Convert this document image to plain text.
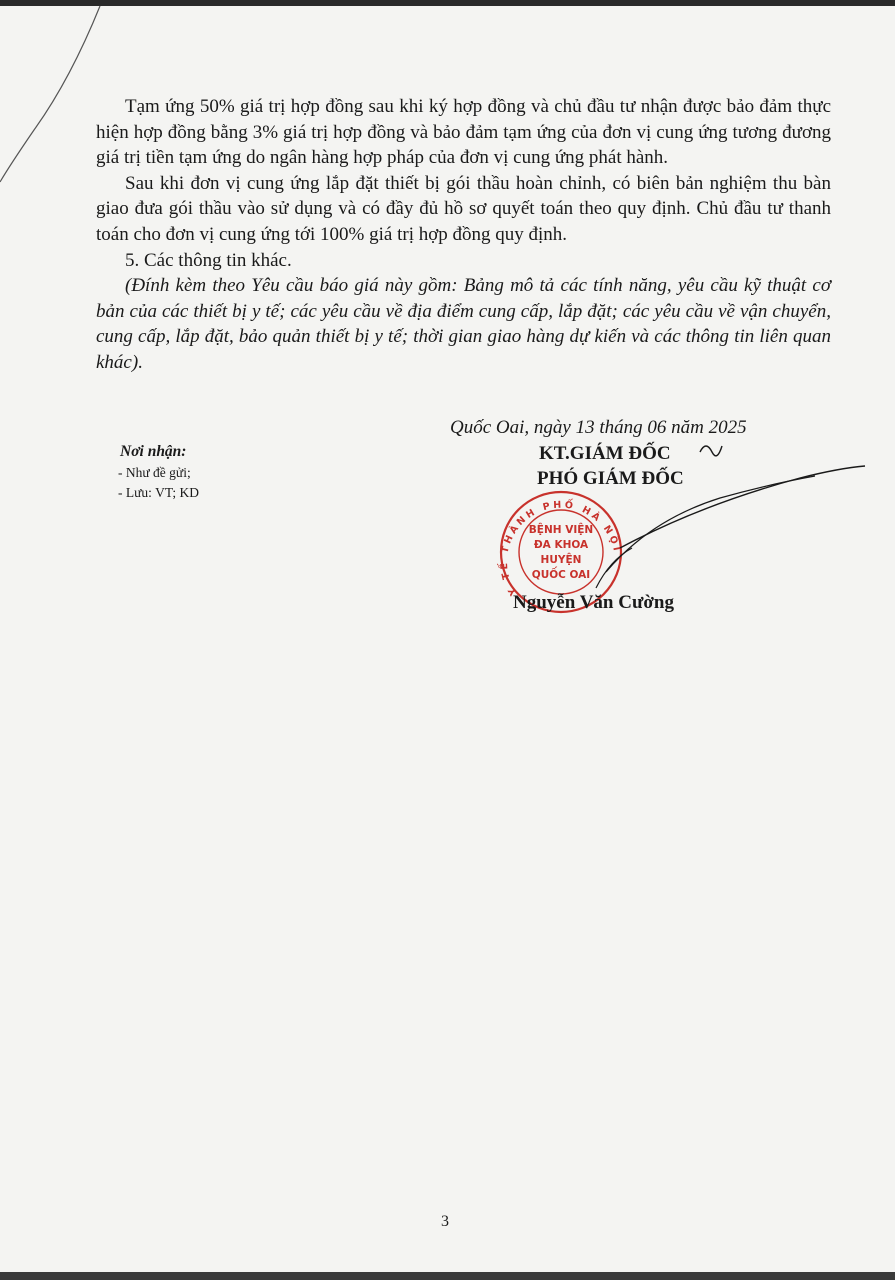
Tạm ứng 50% giá trị hợp đồng sau khi ký hợp đồng và chủ đầu tư nhận được bảo đảm thực hiện hợp đồng bằng 3% giá trị hợp đồng và bảo đảm tạm ứng của đơn vị cung ứng tương đương giá trị tiền tạm ứng do ngân hàng hợp pháp của đơn vị cung ứng phát hành.

Sau khi đơn vị cung ứng lắp đặt thiết bị gói thầu hoàn chỉnh, có biên bản nghiệm thu bàn giao đưa gói thầu vào sử dụng và có đầy đủ hồ sơ quyết toán theo quy định. Chủ đầu tư thanh toán cho đơn vị cung ứng tới 100% giá trị hợp đồng quy định.

5. Các thông tin khác.

(Đính kèm theo Yêu cầu báo giá này gồm: Bảng mô tả các tính năng, yêu cầu kỹ thuật cơ bản của các thiết bị y tế; các yêu cầu về địa điểm cung cấp, lắp đặt; các yêu cầu về vận chuyển, cung cấp, lắp đặt, bảo quản thiết bị y tế; thời gian giao hàng dự kiến và các thông tin liên quan khác).

Quốc Oai, ngày 13 tháng 06 năm 2025
KT.GIÁM ĐỐC
PHÓ GIÁM ĐỐC
Nơi nhận:
- Như đề gửi;
- Lưu: VT; KD
Y TẾ THÀNH PHỐ HÀ NỘI
BỆNH VIỆN
ĐA KHOA
HUYỆN
QUỐC OAI
Nguyễn Văn Cường
3
